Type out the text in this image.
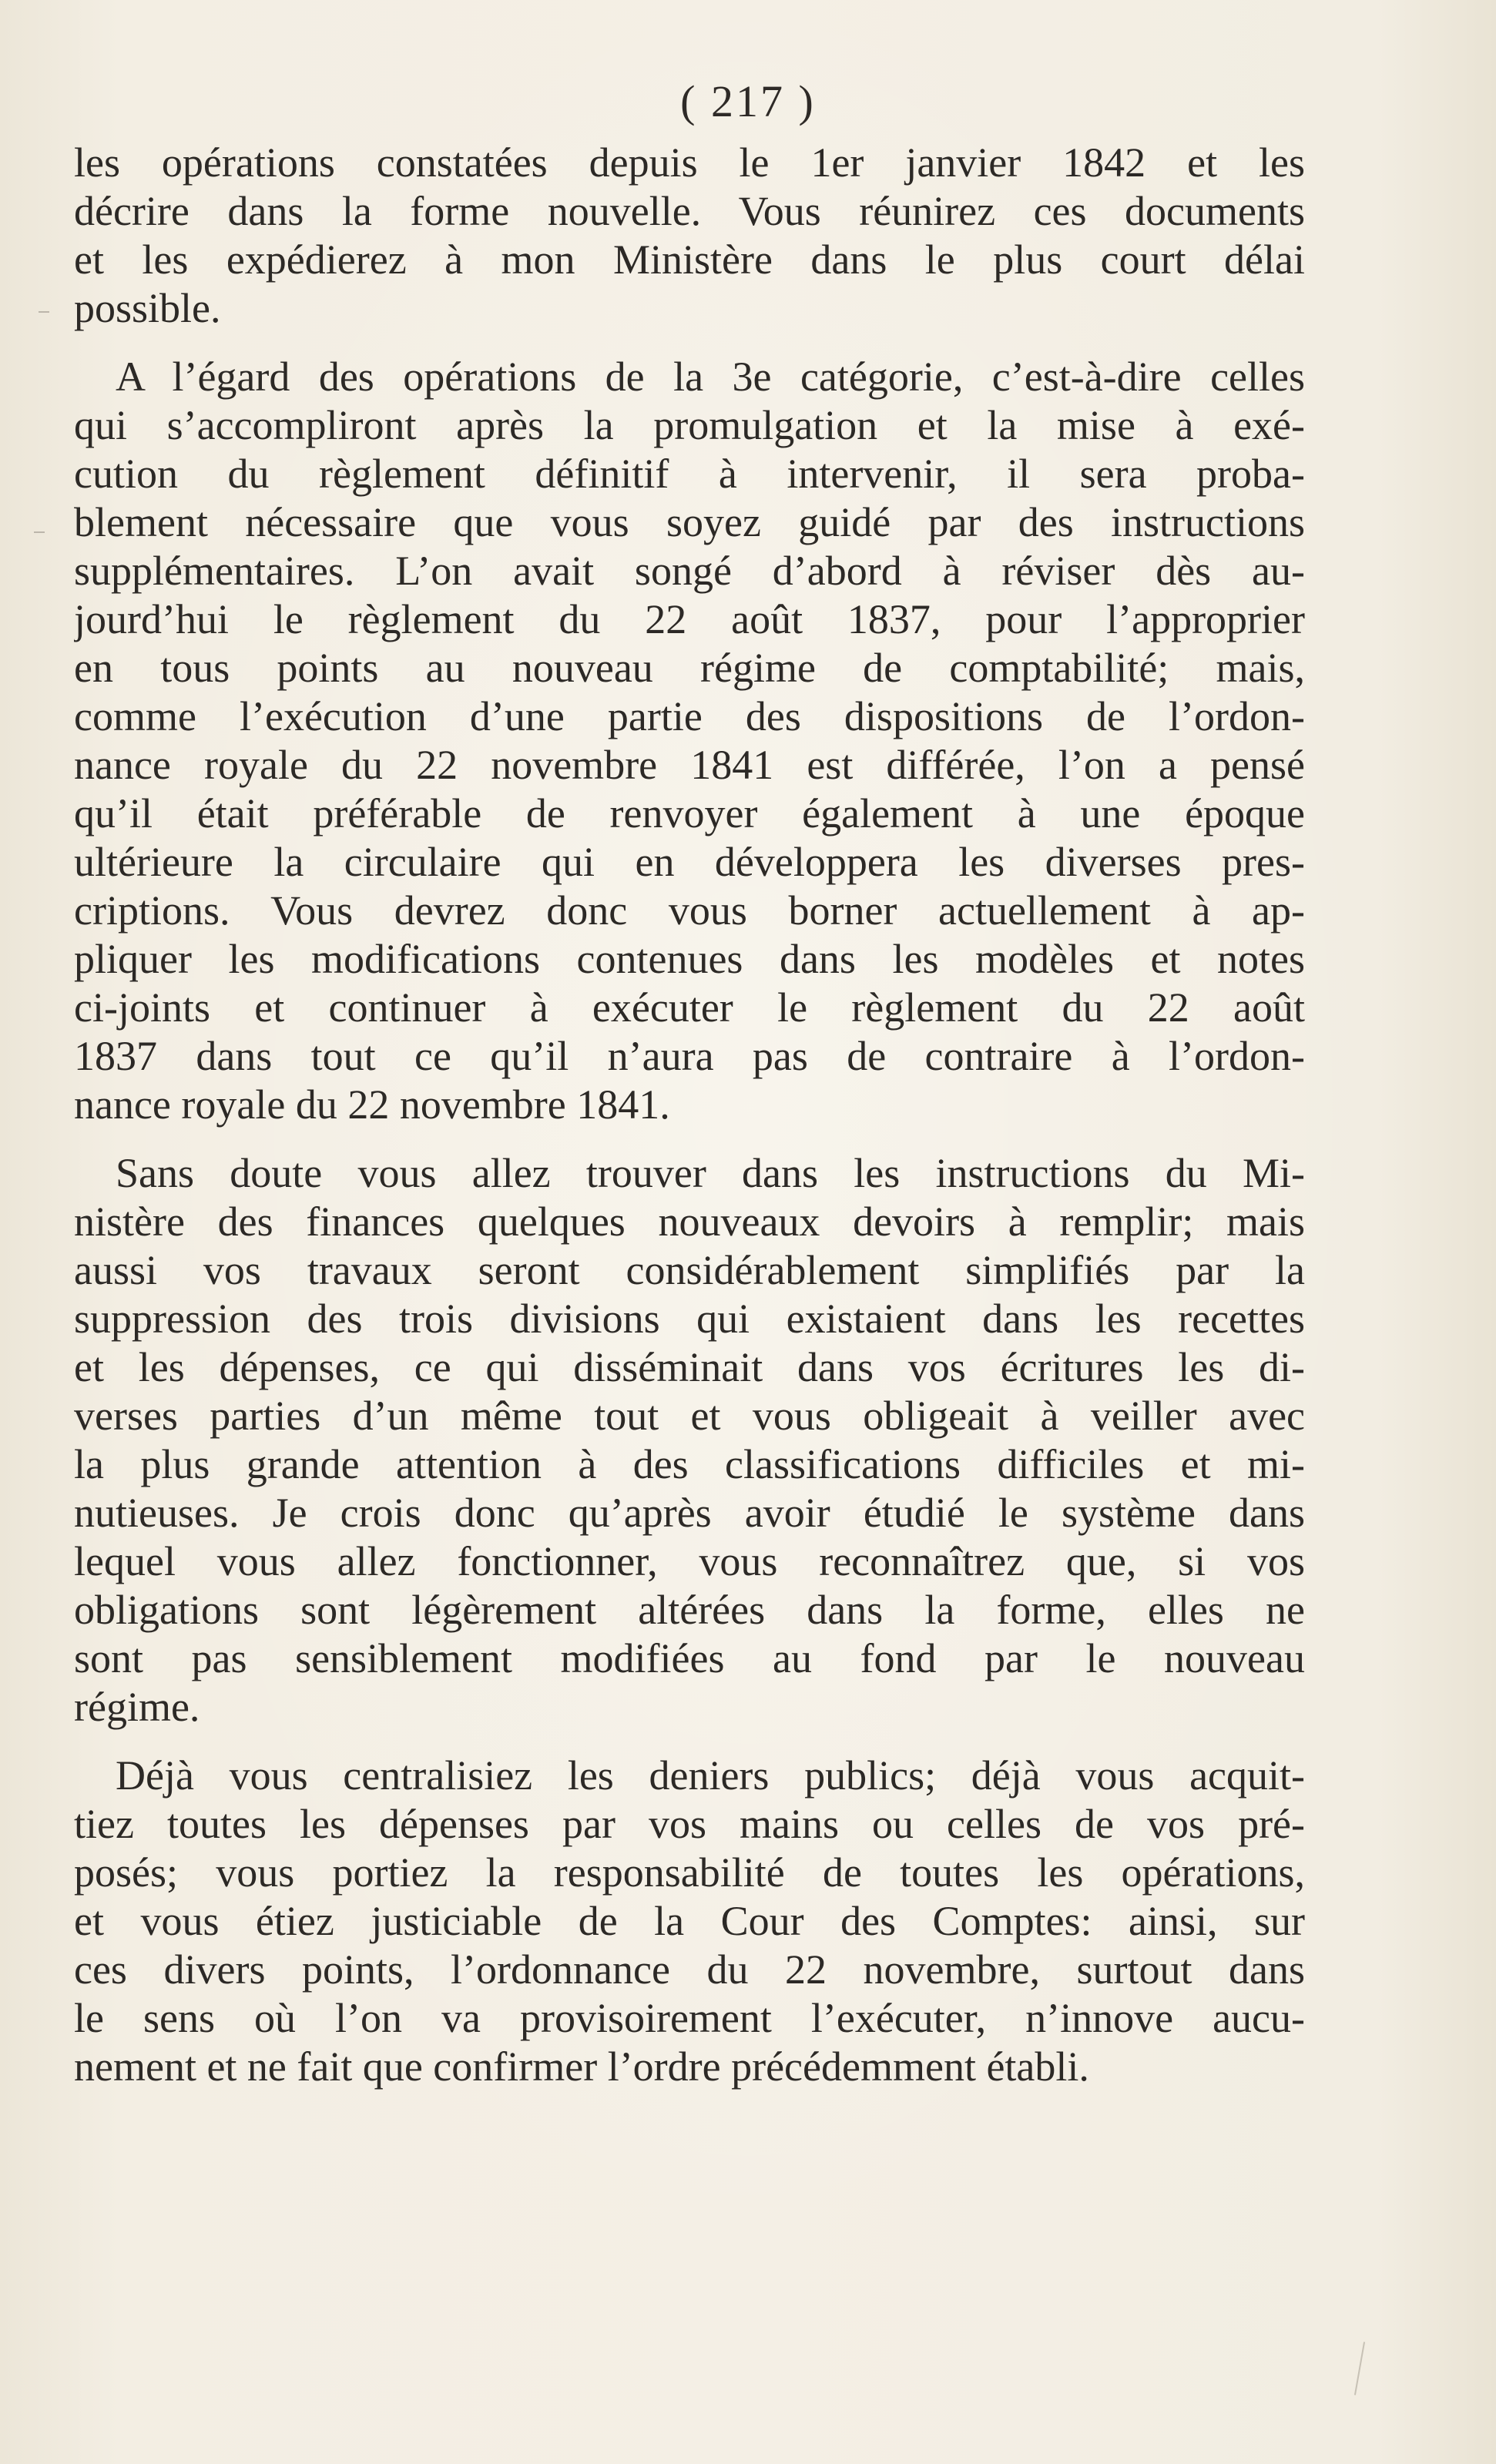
( 217 )
les opérations constatées depuis le 1er janvier 1842 et les
décrire dans la forme nouvelle. Vous réunirez ces documents
et les expédierez à mon Ministère dans le plus court délai
possible.
A l’égard des opérations de la 3e catégorie, c’est-à-dire celles
qui s’accompliront après la promulgation et la mise à exé-
cution du règlement définitif à intervenir, il sera proba-
blement nécessaire que vous soyez guidé par des instructions
supplémentaires. L’on avait songé d’abord à réviser dès au-
jourd’hui le règlement du 22 août 1837, pour l’approprier
en tous points au nouveau régime de comptabilité; mais,
comme l’exécution d’une partie des dispositions de l’ordon-
nance royale du 22 novembre 1841 est différée, l’on a pensé
qu’il était préférable de renvoyer également à une époque
ultérieure la circulaire qui en développera les diverses pres-
criptions. Vous devrez donc vous borner actuellement à ap-
pliquer les modifications contenues dans les modèles et notes
ci-joints et continuer à exécuter le règlement du 22 août
1837 dans tout ce qu’il n’aura pas de contraire à l’ordon-
nance royale du 22 novembre 1841.
Sans doute vous allez trouver dans les instructions du Mi-
nistère des finances quelques nouveaux devoirs à remplir; mais
aussi vos travaux seront considérablement simplifiés par la
suppression des trois divisions qui existaient dans les recettes
et les dépenses, ce qui disséminait dans vos écritures les di-
verses parties d’un même tout et vous obligeait à veiller avec
la plus grande attention à des classifications difficiles et mi-
nutieuses. Je crois donc qu’après avoir étudié le système dans
lequel vous allez fonctionner, vous reconnaîtrez que, si vos
obligations sont légèrement altérées dans la forme, elles ne
sont pas sensiblement modifiées au fond par le nouveau
régime.
Déjà vous centralisiez les deniers publics; déjà vous acquit-
tiez toutes les dépenses par vos mains ou celles de vos pré-
posés; vous portiez la responsabilité de toutes les opérations,
et vous étiez justiciable de la Cour des Comptes: ainsi, sur
ces divers points, l’ordonnance du 22 novembre, surtout dans
le sens où l’on va provisoirement l’exécuter, n’innove aucu-
nement et ne fait que confirmer l’ordre précédemment établi.
